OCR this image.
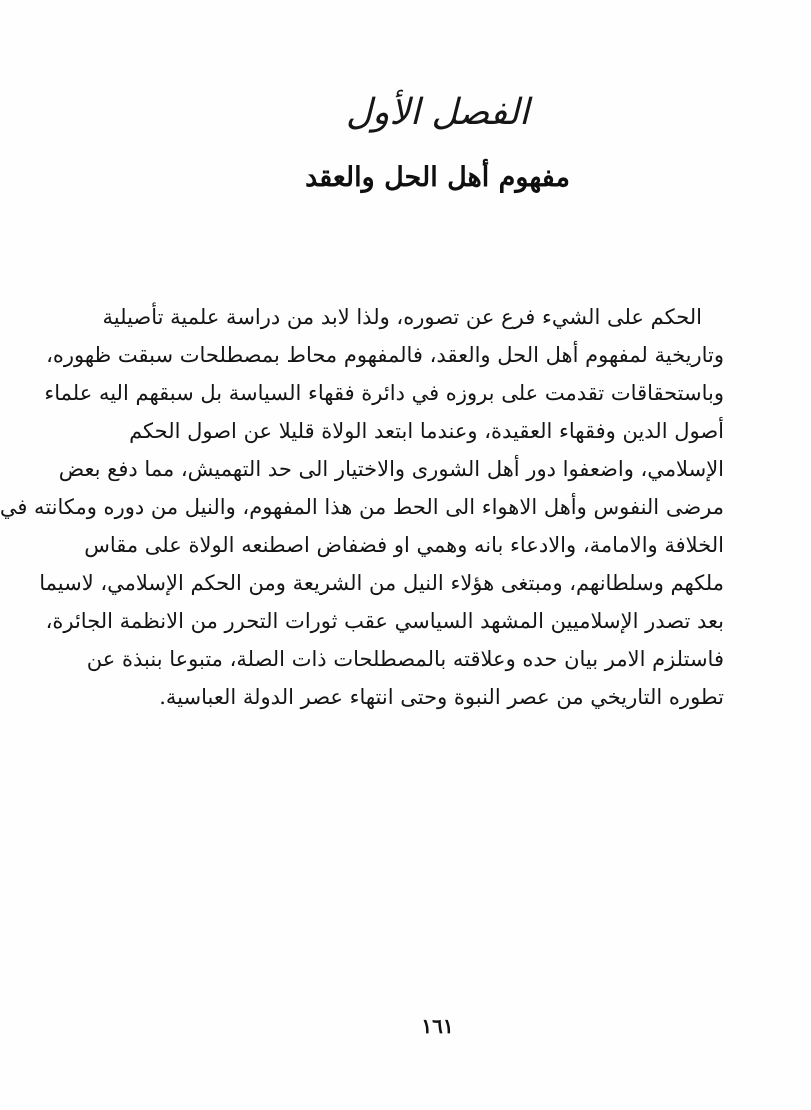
الفصل الأول
مفهوم أهل الحل والعقد
الحكم على الشيء فرع عن تصوره، ولذا لابد من دراسة علمية تأصيلية
وتاريخية لمفهوم أهل الحل والعقد، فالمفهوم محاط بمصطلحات سبقت ظهوره،
وباستحقاقات تقدمت على بروزه في دائرة فقهاء السياسة بل سبقهم اليه علماء
أصول الدين وفقهاء العقيدة، وعندما ابتعد الولاة قليلا عن اصول الحكم
الإسلامي، واضعفوا دور أهل الشورى والاختيار الى حد التهميش، مما دفع بعض
مرضى النفوس وأهل الاهواء الى الحط من هذا المفهوم، والنيل من دوره ومكانته في
الخلافة والامامة، والادعاء بانه وهمي او فضفاض اصطنعه الولاة على مقاس
ملكهم وسلطانهم، ومبتغى هؤلاء النيل من الشريعة ومن الحكم الإسلامي، لاسيما
بعد تصدر الإسلاميين المشهد السياسي عقب ثورات التحرر من الانظمة الجائرة،
فاستلزم الامر بيان حده وعلاقته بالمصطلحات ذات الصلة، متبوعا بنبذة عن
تطوره التاريخي من عصر النبوة وحتى انتهاء عصر الدولة العباسية.
١٦١
